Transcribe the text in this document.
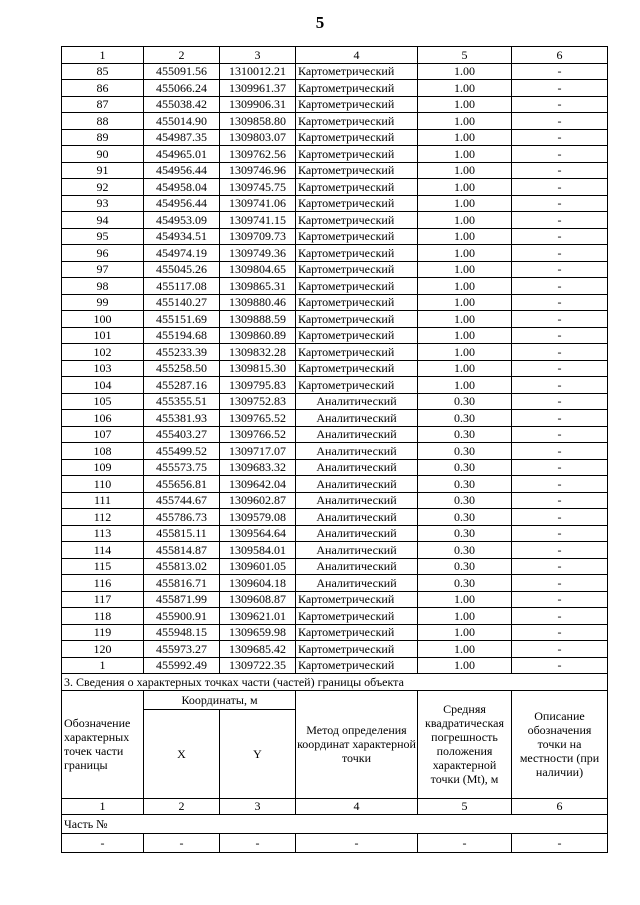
5
1	2	3	4	5	6
85	455091.56	1310012.21	Картометрический	1.00	-
86	455066.24	1309961.37	Картометрический	1.00	-
87	455038.42	1309906.31	Картометрический	1.00	-
88	455014.90	1309858.80	Картометрический	1.00	-
89	454987.35	1309803.07	Картометрический	1.00	-
90	454965.01	1309762.56	Картометрический	1.00	-
91	454956.44	1309746.96	Картометрический	1.00	-
92	454958.04	1309745.75	Картометрический	1.00	-
93	454956.44	1309741.06	Картометрический	1.00	-
94	454953.09	1309741.15	Картометрический	1.00	-
95	454934.51	1309709.73	Картометрический	1.00	-
96	454974.19	1309749.36	Картометрический	1.00	-
97	455045.26	1309804.65	Картометрический	1.00	-
98	455117.08	1309865.31	Картометрический	1.00	-
99	455140.27	1309880.46	Картометрический	1.00	-
100	455151.69	1309888.59	Картометрический	1.00	-
101	455194.68	1309860.89	Картометрический	1.00	-
102	455233.39	1309832.28	Картометрический	1.00	-
103	455258.50	1309815.30	Картометрический	1.00	-
104	455287.16	1309795.83	Картометрический	1.00	-
105	455355.51	1309752.83	Аналитический	0.30	-
106	455381.93	1309765.52	Аналитический	0.30	-
107	455403.27	1309766.52	Аналитический	0.30	-
108	455499.52	1309717.07	Аналитический	0.30	-
109	455573.75	1309683.32	Аналитический	0.30	-
110	455656.81	1309642.04	Аналитический	0.30	-
111	455744.67	1309602.87	Аналитический	0.30	-
112	455786.73	1309579.08	Аналитический	0.30	-
113	455815.11	1309564.64	Аналитический	0.30	-
114	455814.87	1309584.01	Аналитический	0.30	-
115	455813.02	1309601.05	Аналитический	0.30	-
116	455816.71	1309604.18	Аналитический	0.30	-
117	455871.99	1309608.87	Картометрический	1.00	-
118	455900.91	1309621.01	Картометрический	1.00	-
119	455948.15	1309659.98	Картометрический	1.00	-
120	455973.27	1309685.42	Картометрический	1.00	-
1	455992.49	1309722.35	Картометрический	1.00	-
3. Сведения о характерных точках части (частей) границы объекта					
Обозначение характерных точек части границы	Координаты, м		Метод определения координат характерной точки	Средняя квадратическая погрешность положения характерной точки (Mt), м	Описание обозначения точки на местности (при наличии)
	X	Y			
1	2	3	4	5	6
Часть №					
-	-	-	-	-	-
